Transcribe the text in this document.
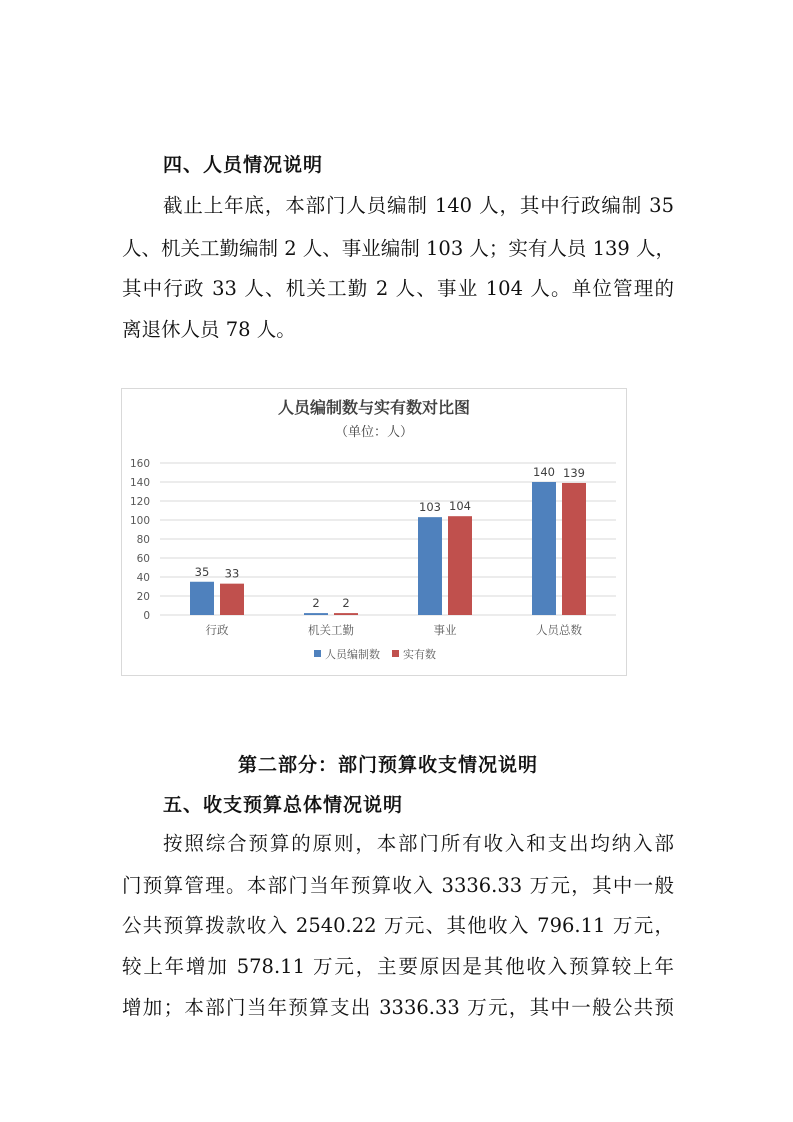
四、人员情况说明
截止上年底，本部门人员编制 140 人，其中行政编制 35
人、机关工勤编制 2 人、事业编制 103 人；实有人员 139 人，
其中行政 33 人、机关工勤 2 人、事业 104 人。单位管理的
离退休人员 78 人。
人员编制数与实有数对比图
（单位：人）
0
20
40
60
80
100
120
140
160
35 33
行政
2 2
机关工勤
103 104
事业
140 139
人员总数
人员编制数 实有数
第二部分：部门预算收支情况说明
五、收支预算总体情况说明
按照综合预算的原则，本部门所有收入和支出均纳入部
门预算管理。本部门当年预算收入 3336.33 万元，其中一般
公共预算拨款收入 2540.22 万元、其他收入 796.11 万元，
较上年增加 578.11 万元，主要原因是其他收入预算较上年
增加；本部门当年预算支出 3336.33 万元，其中一般公共预
